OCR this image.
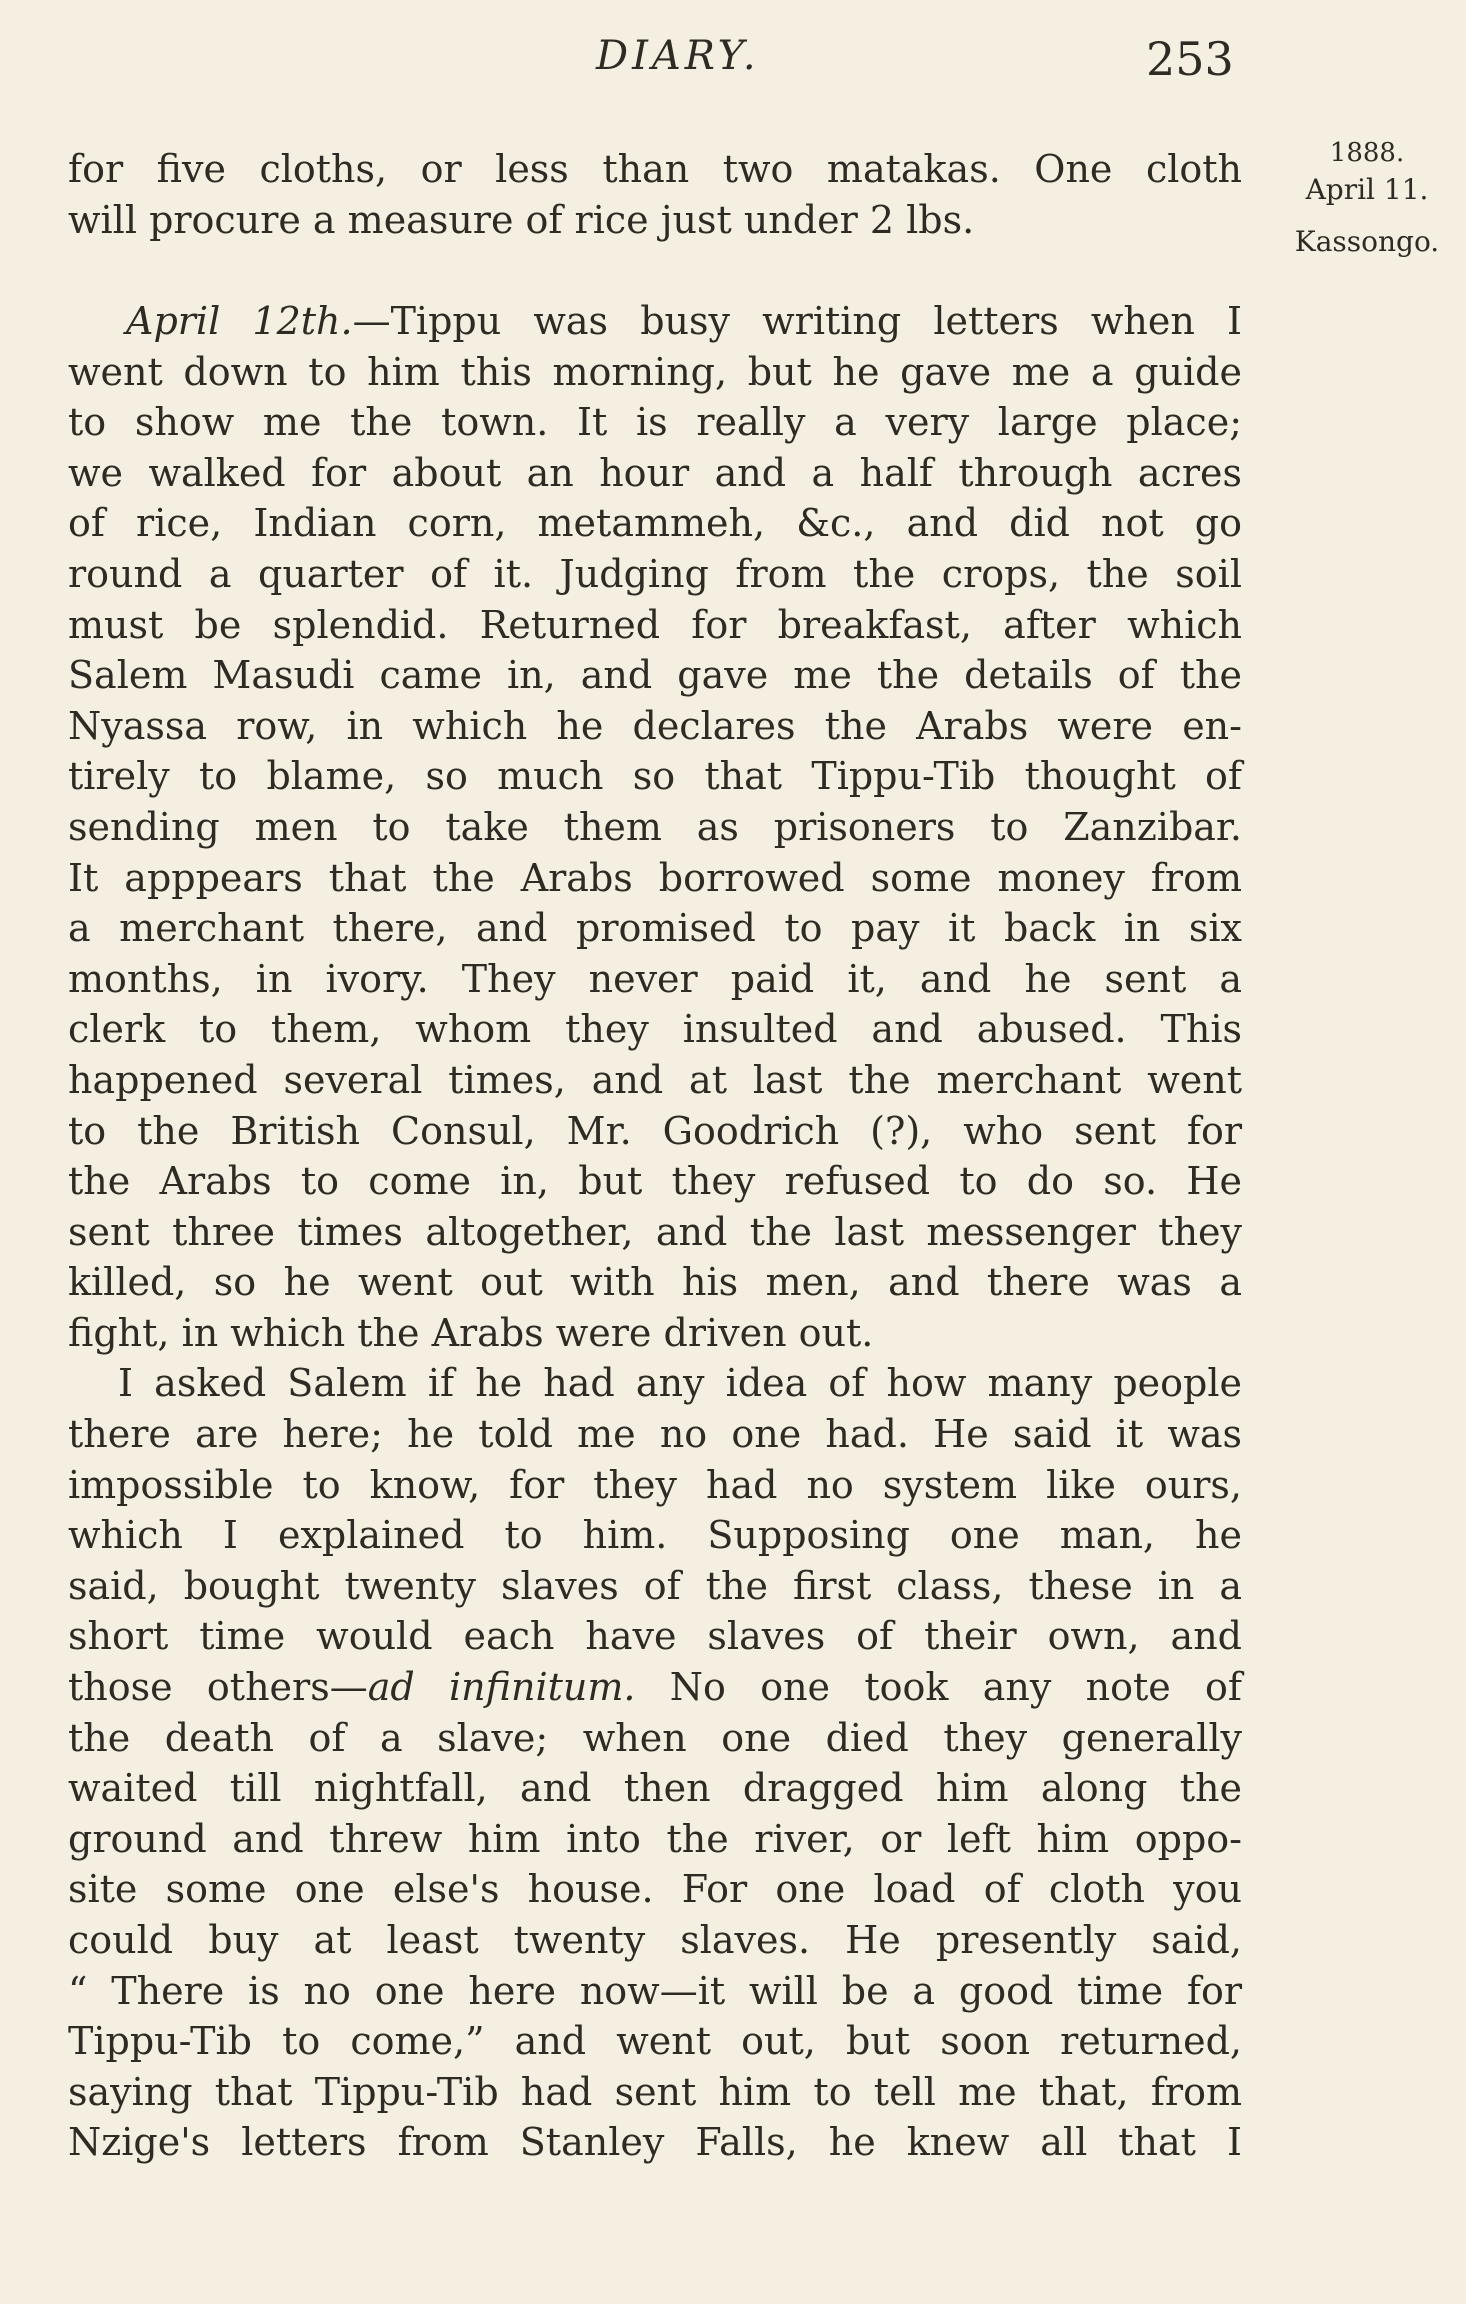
DIARY.	253
1888.
April 11.
Kassongo.
for five cloths, or less than two matakas. One cloth
will procure a measure of rice just under 2 lbs.
April 12th.—Tippu was busy writing letters when I
went down to him this morning, but he gave me a guide
to show me the town. It is really a very large place;
we walked for about an hour and a half through acres
of rice, Indian corn, metammeh, &c., and did not go
round a quarter of it. Judging from the crops, the soil
must be splendid. Returned for breakfast, after which
Salem Masudi came in, and gave me the details of the
Nyassa row, in which he declares the Arabs were en-
tirely to blame, so much so that Tippu-Tib thought of
sending men to take them as prisoners to Zanzibar.
It apppears that the Arabs borrowed some money from
a merchant there, and promised to pay it back in six
months, in ivory. They never paid it, and he sent a
clerk to them, whom they insulted and abused. This
happened several times, and at last the merchant went
to the British Consul, Mr. Goodrich (?), who sent for
the Arabs to come in, but they refused to do so. He
sent three times altogether, and the last messenger they
killed, so he went out with his men, and there was a
fight, in which the Arabs were driven out.
I asked Salem if he had any idea of how many people
there are here; he told me no one had. He said it was
impossible to know, for they had no system like ours,
which I explained to him. Supposing one man, he
said, bought twenty slaves of the first class, these in a
short time would each have slaves of their own, and
those others—ad infinitum. No one took any note of
the death of a slave; when one died they generally
waited till nightfall, and then dragged him along the
ground and threw him into the river, or left him oppo-
site some one else's house. For one load of cloth you
could buy at least twenty slaves. He presently said,
“ There is no one here now—it will be a good time for
Tippu-Tib to come,” and went out, but soon returned,
saying that Tippu-Tib had sent him to tell me that, from
Nzige's letters from Stanley Falls, he knew all that I
